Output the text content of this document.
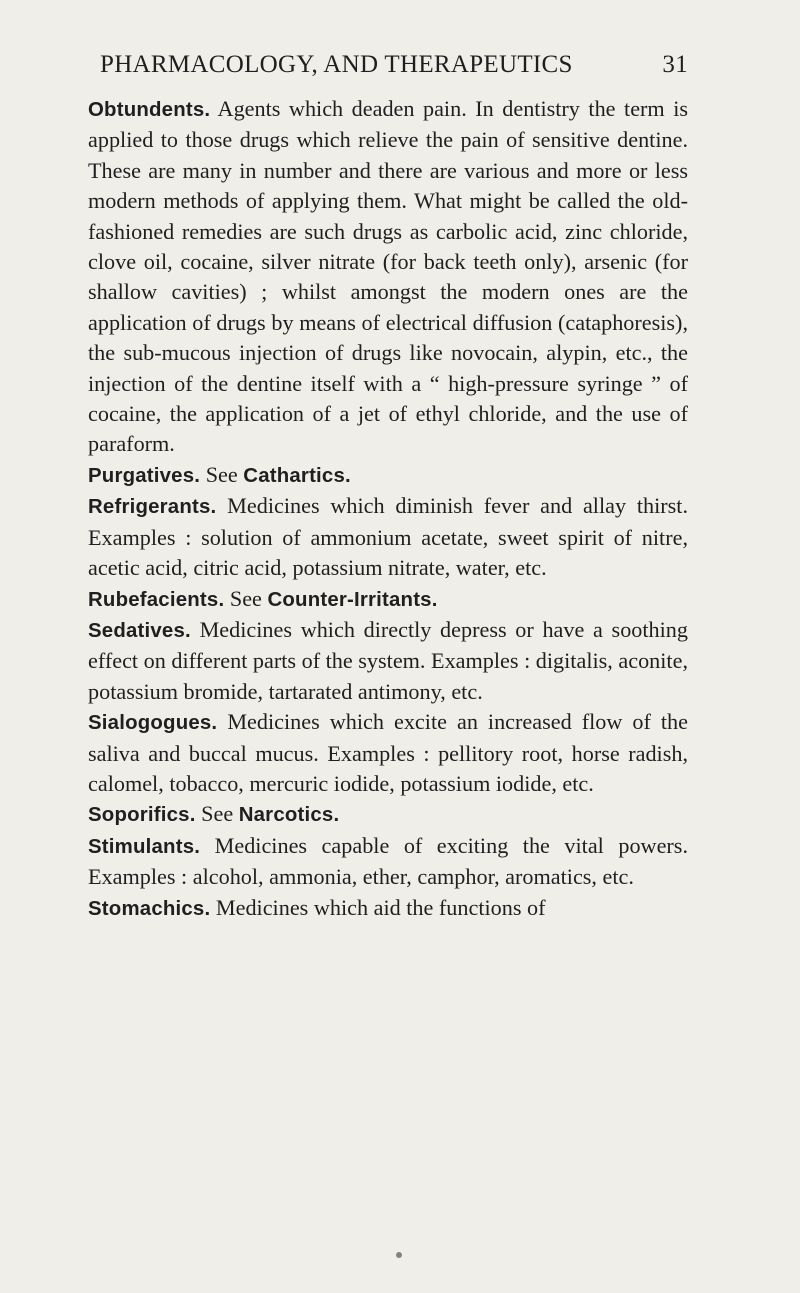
PHARMACOLOGY, AND THERAPEUTICS	31

Obtundents. Agents which deaden pain. In dentistry the term is applied to those drugs which relieve the pain of sensitive dentine. These are many in number and there are various and more or less modern methods of applying them. What might be called the old-fashioned remedies are such drugs as carbolic acid, zinc chloride, clove oil, cocaine, silver nitrate (for back teeth only), arsenic (for shallow cavities) ; whilst amongst the modern ones are the application of drugs by means of electrical diffusion (cataphoresis), the sub-mucous injection of drugs like novocain, alypin, etc., the injection of the dentine itself with a “ high-pressure syringe ” of cocaine, the application of a jet of ethyl chloride, and the use of paraform.

Purgatives. See Cathartics.

Refrigerants. Medicines which diminish fever and allay thirst. Examples : solution of ammonium acetate, sweet spirit of nitre, acetic acid, citric acid, potassium nitrate, water, etc.

Rubefacients. See Counter-Irritants.

Sedatives. Medicines which directly depress or have a soothing effect on different parts of the system. Examples : digitalis, aconite, potassium bromide, tartarated antimony, etc.

Sialogogues. Medicines which excite an increased flow of the saliva and buccal mucus. Examples : pellitory root, horse radish, calomel, tobacco, mercuric iodide, potassium iodide, etc.

Soporifics. See Narcotics.

Stimulants. Medicines capable of exciting the vital powers. Examples : alcohol, ammonia, ether, camphor, aromatics, etc.

Stomachics. Medicines which aid the functions of
